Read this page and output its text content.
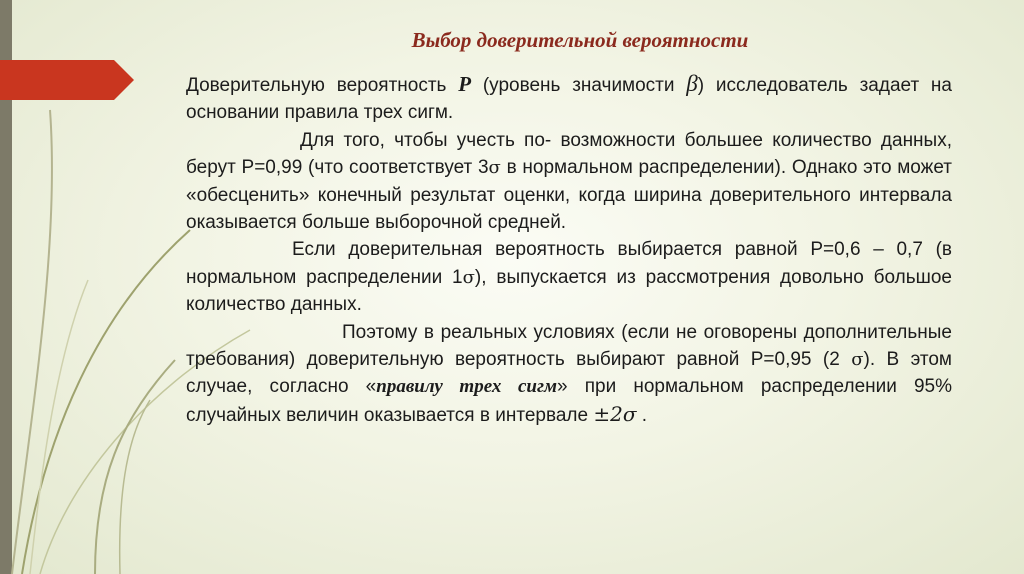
Выбор доверительной вероятности

Доверительную вероятность Р (уровень значимости β) исследователь задает на основании правила трех сигм.

Для того, чтобы учесть по- возможности большее количество данных, берут Р=0,99 (что соответствует 3σ в нормальном распределении). Однако это может «обесценить» конечный результат оценки, когда ширина доверительного интервала оказывается больше выборочной средней.

Если доверительная вероятность выбирается равной Р=0,6 – 0,7 (в нормальном распределении 1σ), выпускается из рассмотрения довольно большое количество данных.

Поэтому в реальных условиях (если не оговорены дополнительные требования) доверительную вероятность выбирают равной Р=0,95 (2 σ). В этом случае, согласно «правилу трех сигм» при нормальном распределении 95% случайных величин оказывается в интервале ±2σ .
